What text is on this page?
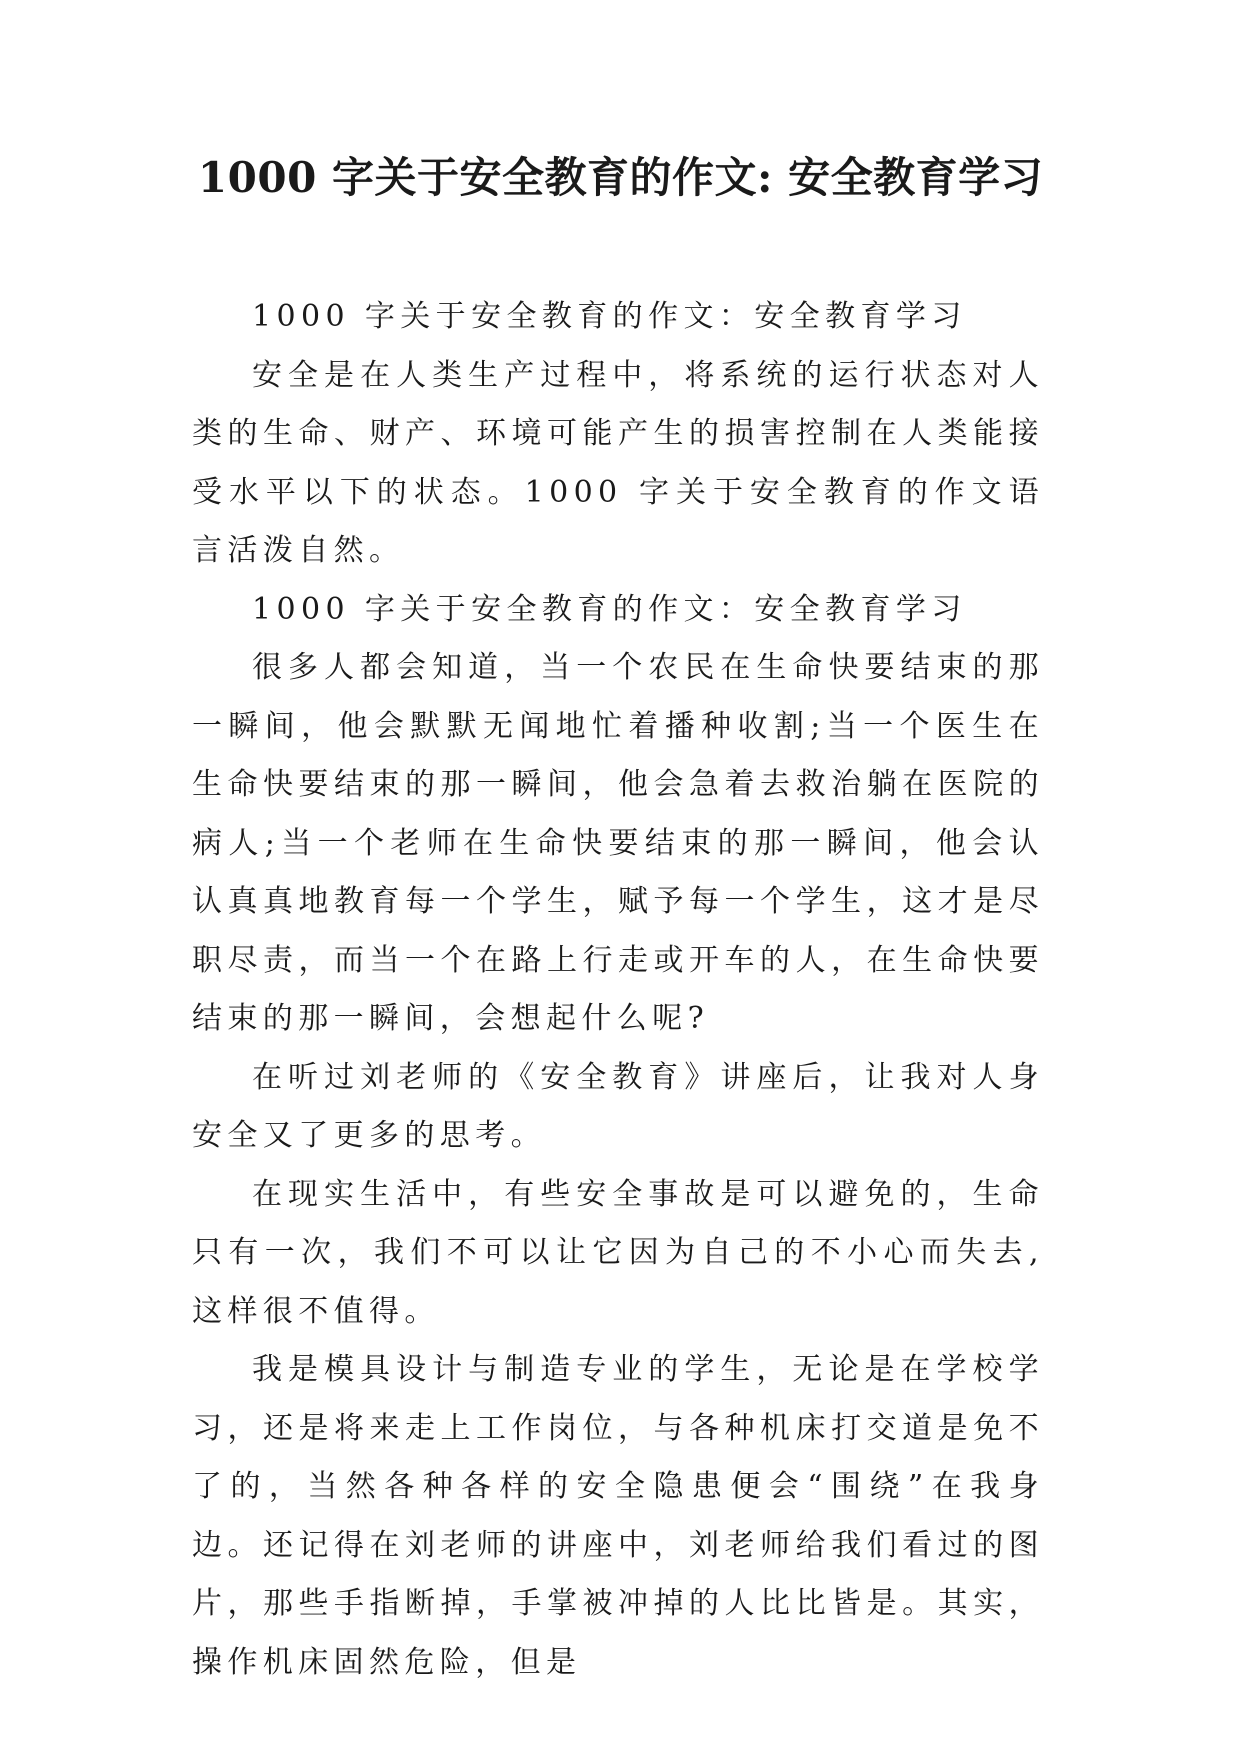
1000 字关于安全教育的作文: 安全教育学习

1000 字关于安全教育的作文：安全教育学习

安全是在人类生产过程中，将系统的运行状态对人类的生命、财产、环境可能产生的损害控制在人类能接受水平以下的状态。1000 字关于安全教育的作文语言活泼自然。

1000 字关于安全教育的作文：安全教育学习

很多人都会知道，当一个农民在生命快要结束的那一瞬间，他会默默无闻地忙着播种收割;当一个医生在生命快要结束的那一瞬间，他会急着去救治躺在医院的病人;当一个老师在生命快要结束的那一瞬间，他会认认真真地教育每一个学生，赋予每一个学生，这才是尽职尽责，而当一个在路上行走或开车的人，在生命快要结束的那一瞬间，会想起什么呢?

在听过刘老师的《安全教育》讲座后，让我对人身安全又了更多的思考。

在现实生活中，有些安全事故是可以避免的，生命只有一次，我们不可以让它因为自己的不小心而失去,这样很不值得。

我是模具设计与制造专业的学生，无论是在学校学习，还是将来走上工作岗位，与各种机床打交道是免不了的，当然各种各样的安全隐患便会“围绕”在我身边。还记得在刘老师的讲座中，刘老师给我们看过的图片，那些手指断掉，手掌被冲掉的人比比皆是。其实，操作机床固然危险，但是
